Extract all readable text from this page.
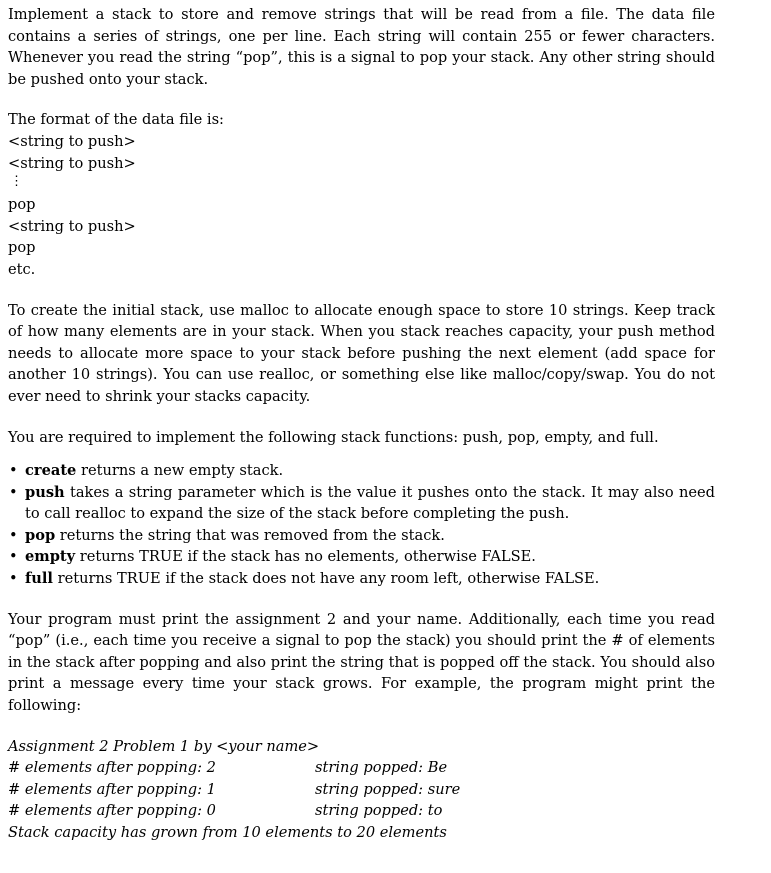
Implement a stack to store and remove strings that will be read from a file. The data file contains a series of strings, one per line. Each string will contain 255 or fewer characters. Whenever you read the string “pop”, this is a signal to pop your stack. Any other string should be pushed onto your stack.

The format of the data file is:
<string to push>
<string to push>
⋮
pop
<string to push>
pop
etc.

To create the initial stack, use malloc to allocate enough space to store 10 strings. Keep track of how many elements are in your stack. When you stack reaches capacity, your push method needs to allocate more space to your stack before pushing the next element (add space for another 10 strings). You can use realloc, or something else like malloc/copy/swap. You do not ever need to shrink your stacks capacity.

You are required to implement the following stack functions: push, pop, empty, and full.

• create returns a new empty stack.
• push takes a string parameter which is the value it pushes onto the stack. It may also need to call realloc to expand the size of the stack before completing the push.
• pop returns the string that was removed from the stack.
• empty returns TRUE if the stack has no elements, otherwise FALSE.
• full returns TRUE if the stack does not have any room left, otherwise FALSE.

Your program must print the assignment 2 and your name. Additionally, each time you read “pop” (i.e., each time you receive a signal to pop the stack) you should print the # of elements in the stack after popping and also print the string that is popped off the stack. You should also print a message every time your stack grows. For example, the program might print the following:

Assignment 2 Problem 1 by <your name>
# elements after popping: 2	string popped: Be
# elements after popping: 1	string popped: sure
# elements after popping: 0	string popped: to
Stack capacity has grown from 10 elements to 20 elements
